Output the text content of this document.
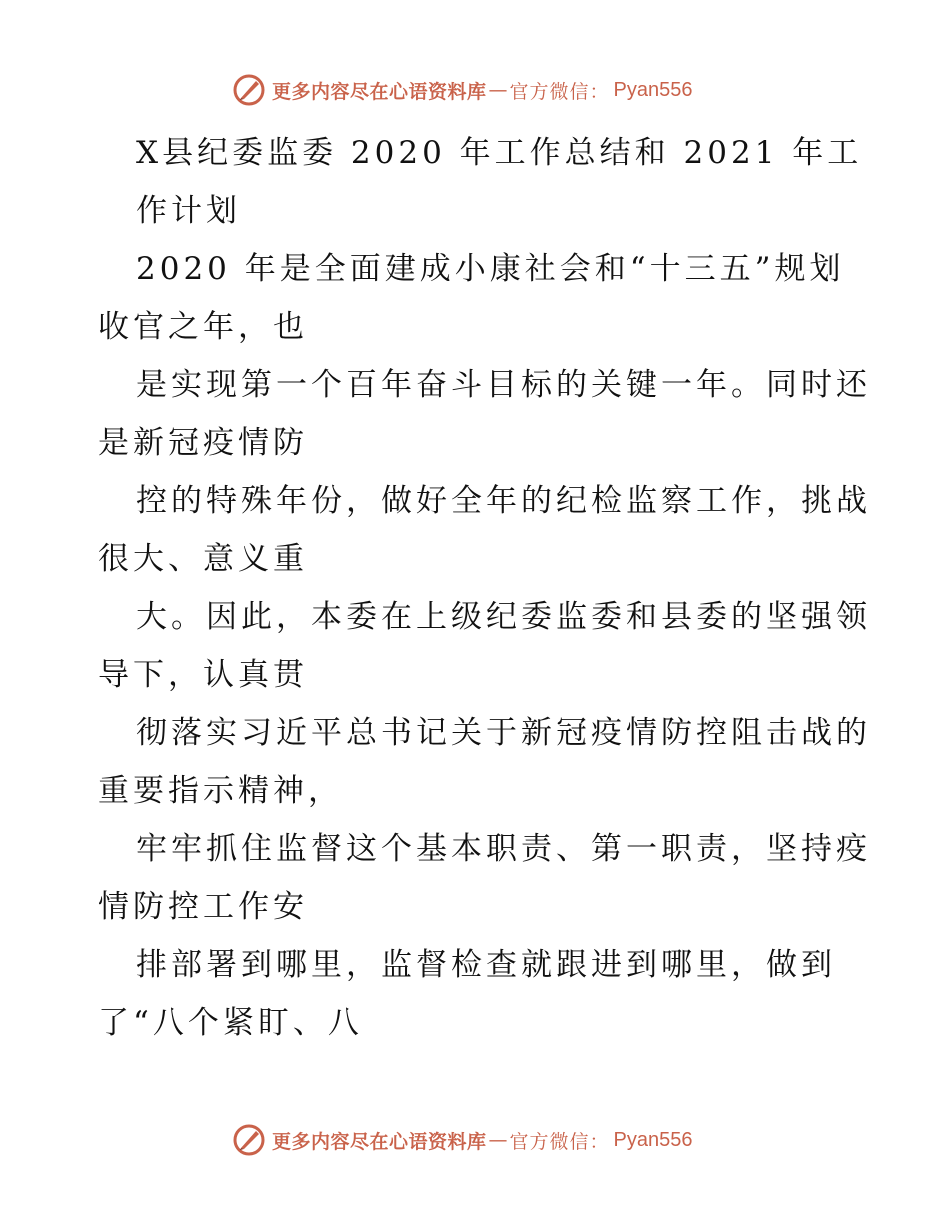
更多内容尽在心语资料库 — 官方微信： Pyan556
X县纪委监委 2020 年工作总结和 2021 年工
作计划
2020 年是全面建成小康社会和“十三五”规划
收官之年，也
是实现第一个百年奋斗目标的关键一年。同时还
是新冠疫情防
控的特殊年份，做好全年的纪检监察工作，挑战
很大、意义重
大。因此，本委在上级纪委监委和县委的坚强领
导下，认真贯
彻落实习近平总书记关于新冠疫情防控阻击战的
重要指示精神，
牢牢抓住监督这个基本职责、第一职责，坚持疫
情防控工作安
排部署到哪里，监督检查就跟进到哪里，做到
了“八个紧盯、八
更多内容尽在心语资料库 — 官方微信： Pyan556
